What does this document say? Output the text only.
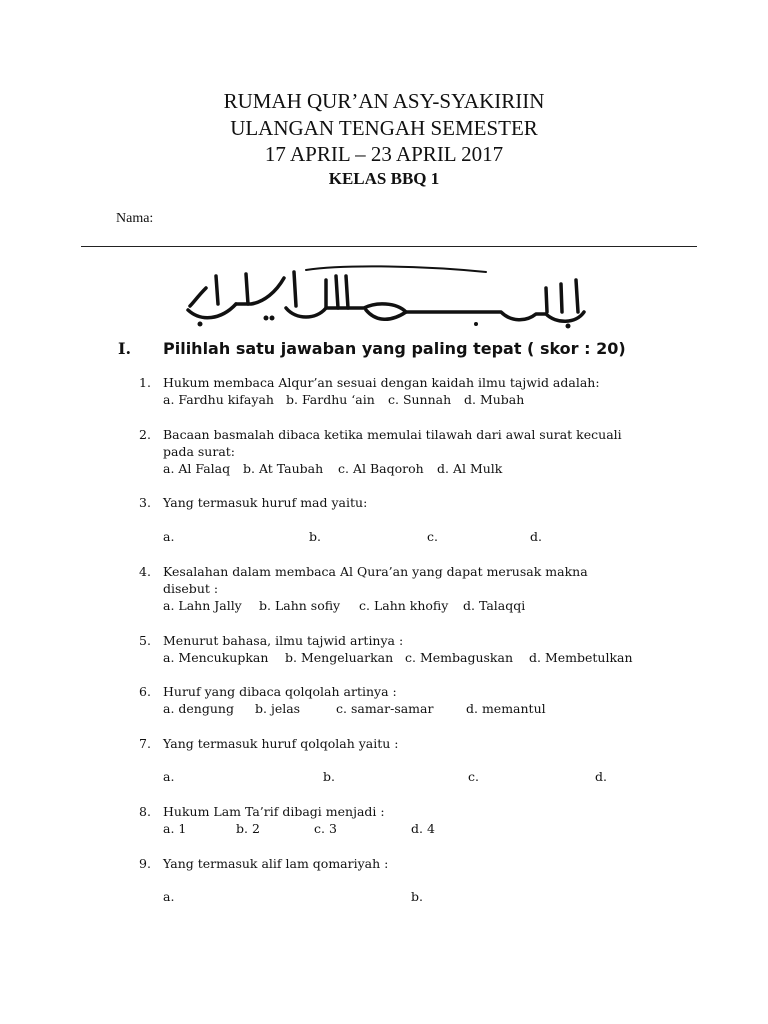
RUMAH QUR’AN ASY-SYAKIRIIN
ULANGAN TENGAH SEMESTER
17 APRIL – 23 APRIL 2017
KELAS BBQ 1
Nama:
I. Pilihlah satu jawaban yang paling tepat ( skor : 20)
1. Hukum membaca Alqur’an sesuai dengan kaidah ilmu tajwid adalah:
a. Fardhu kifayah b. Fardhu ‘ain c. Sunnah d. Mubah
2. Bacaan basmalah dibaca ketika memulai tilawah dari awal surat kecuali
pada surat:
a. Al Falaq b. At Taubah c. Al Baqoroh d. Al Mulk
3. Yang termasuk huruf mad yaitu:
a.	b.	c.	d.
4. Kesalahan dalam membaca Al Qura’an yang dapat merusak makna
disebut :
a. Lahn Jally b. Lahn sofiy c. Lahn khofiy d. Talaqqi
5. Menurut bahasa, ilmu tajwid artinya :
a. Mencukupkan b. Mengeluarkan c. Membaguskan d. Membetulkan
6. Huruf yang dibaca qolqolah artinya :
a. dengung b. jelas	c. samar-samar	d. memantul
7. Yang termasuk huruf qolqolah yaitu :
a.	b.	c.	d.
8. Hukum Lam Ta’rif dibagi menjadi :
a. 1	b. 2	c. 3	d. 4
9. Yang termasuk alif lam qomariyah :
a.	b.
